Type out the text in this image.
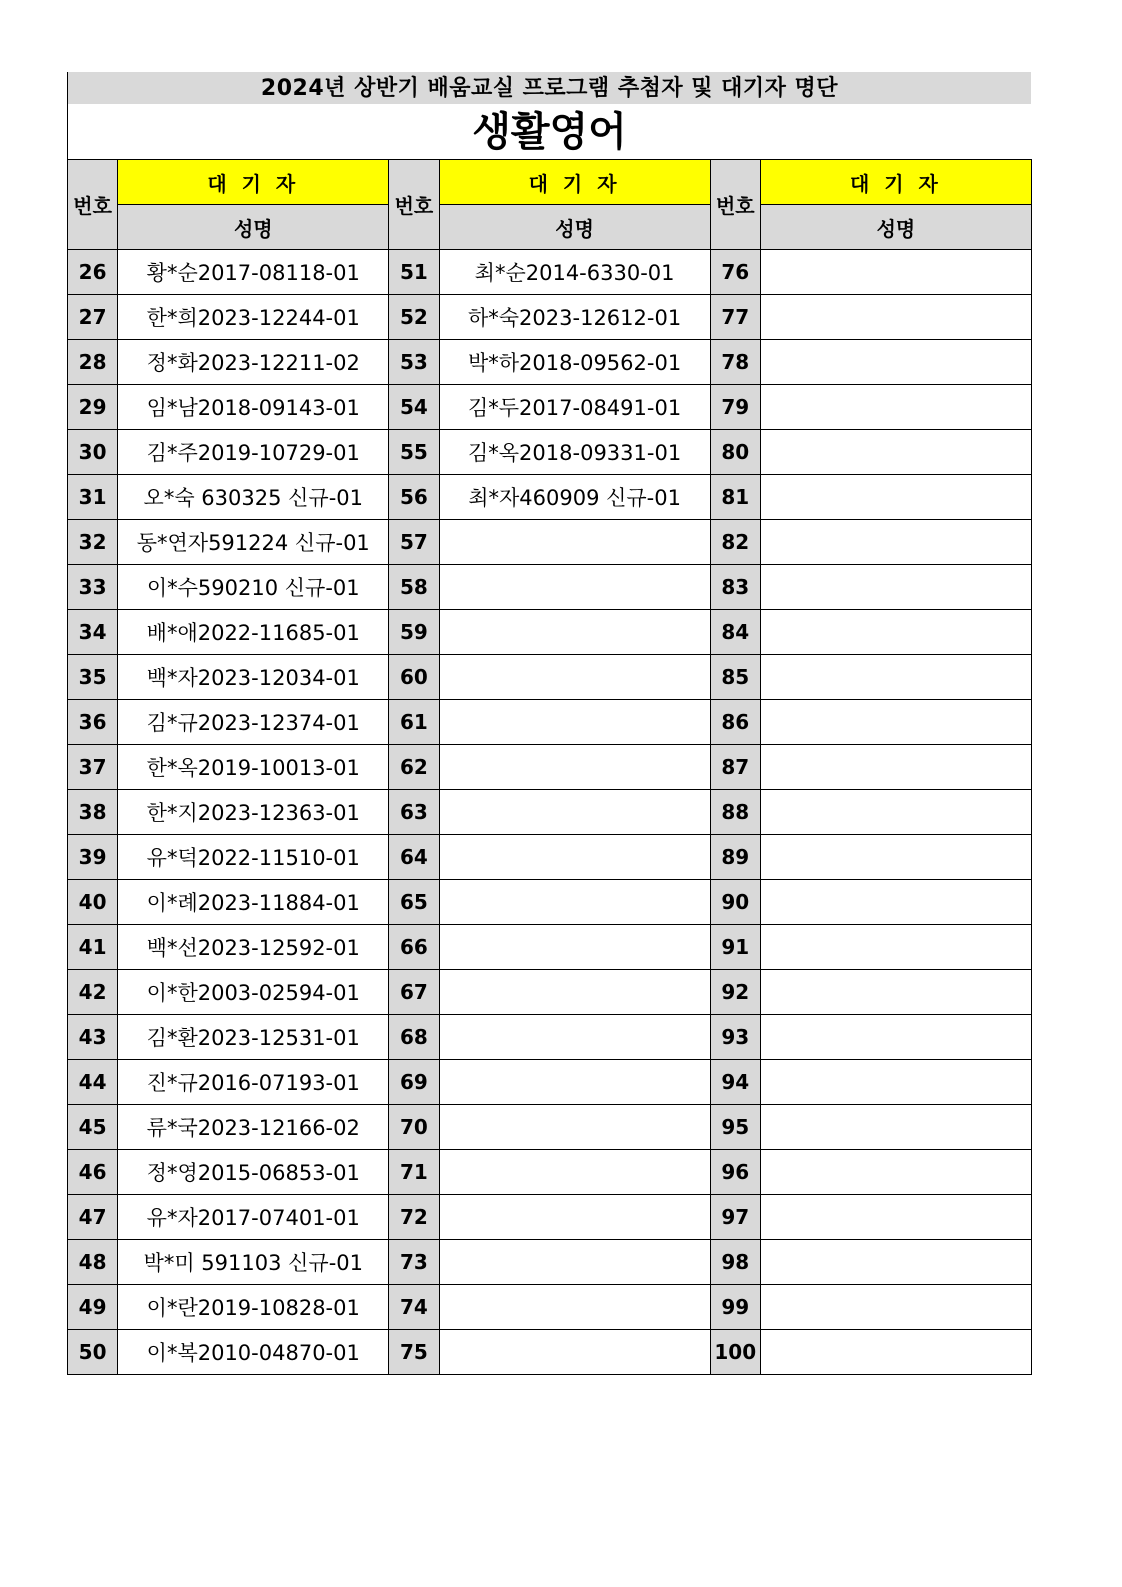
2024년 상반기 배움교실 프로그램 추첨자 및 대기자 명단
생활영어
번호	대 기 자	번호	대 기 자	번호	대 기 자
	성명		성명		성명
26	황*순2017-08118-01	51	최*순2014-6330-01	76	
27	한*희2023-12244-01	52	하*숙2023-12612-01	77	
28	정*화2023-12211-02	53	박*하2018-09562-01	78	
29	임*남2018-09143-01	54	김*두2017-08491-01	79	
30	김*주2019-10729-01	55	김*옥2018-09331-01	80	
31	오*숙 630325 신규-01	56	최*자460909 신규-01	81	
32	동*연자591224 신규-01	57		82	
33	이*수590210 신규-01	58		83	
34	배*애2022-11685-01	59		84	
35	백*자2023-12034-01	60		85	
36	김*규2023-12374-01	61		86	
37	한*옥2019-10013-01	62		87	
38	한*지2023-12363-01	63		88	
39	유*덕2022-11510-01	64		89	
40	이*례2023-11884-01	65		90	
41	백*선2023-12592-01	66		91	
42	이*한2003-02594-01	67		92	
43	김*환2023-12531-01	68		93	
44	진*규2016-07193-01	69		94	
45	류*국2023-12166-02	70		95	
46	정*영2015-06853-01	71		96	
47	유*자2017-07401-01	72		97	
48	박*미 591103 신규-01	73		98	
49	이*란2019-10828-01	74		99	
50	이*복2010-04870-01	75		100	
